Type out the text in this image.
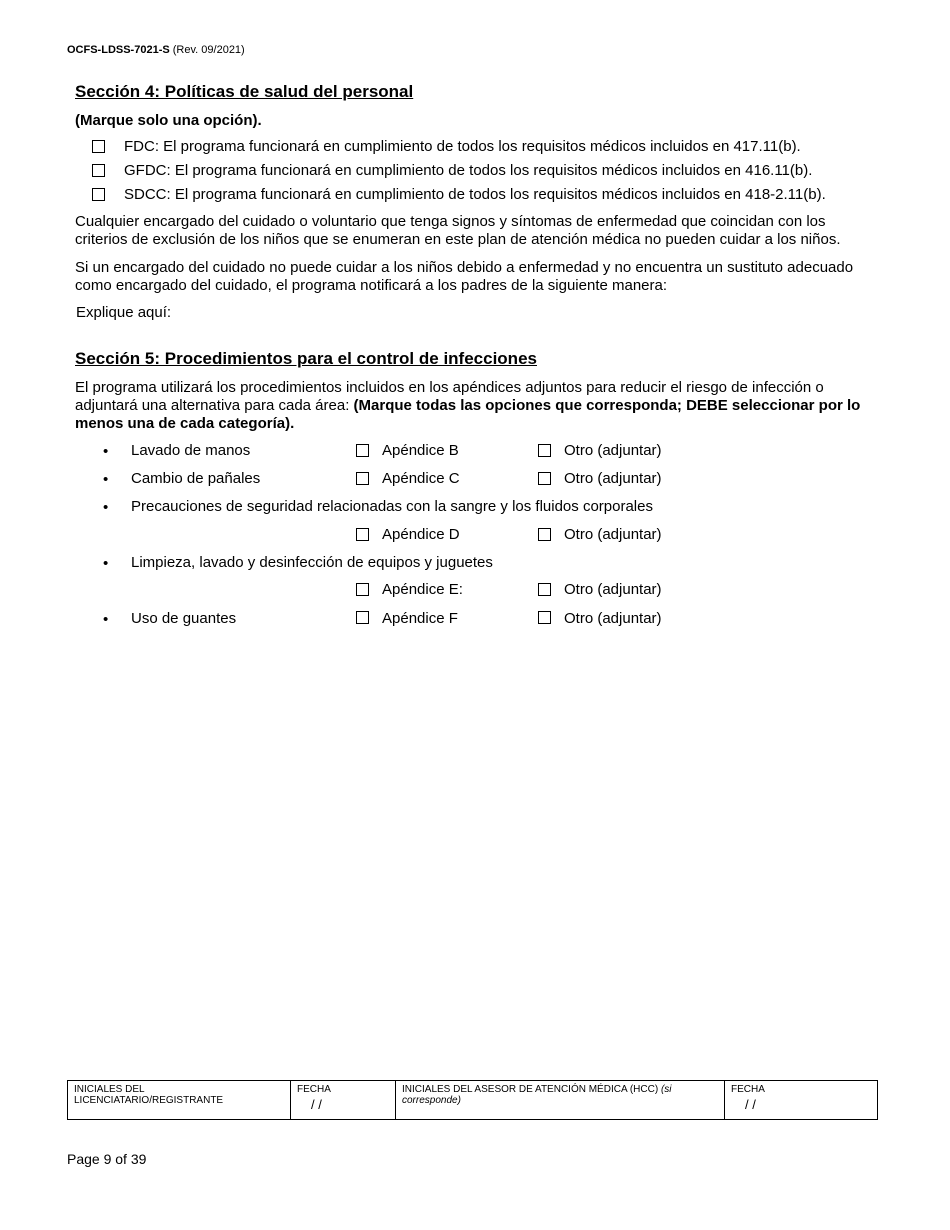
OCFS-LDSS-7021-S (Rev. 09/2021)
Sección 4: Políticas de salud del personal
(Marque solo una opción).
FDC: El programa funcionará en cumplimiento de todos los requisitos médicos incluidos en 417.11(b).
GFDC: El programa funcionará en cumplimiento de todos los requisitos médicos incluidos en 416.11(b).
SDCC: El programa funcionará en cumplimiento de todos los requisitos médicos incluidos en 418-2.11(b).
Cualquier encargado del cuidado o voluntario que tenga signos y síntomas de enfermedad que coincidan con los criterios de exclusión de los niños que se enumeran en este plan de atención médica no pueden cuidar a los niños.
Si un encargado del cuidado no puede cuidar a los niños debido a enfermedad y no encuentra un sustituto adecuado como encargado del cuidado, el programa notificará a los padres de la siguiente manera:
Explique aquí:
Sección 5: Procedimientos para el control de infecciones
El programa utilizará los procedimientos incluidos en los apéndices adjuntos para reducir el riesgo de infección o adjuntará una alternativa para cada área: (Marque todas las opciones que corresponda; DEBE seleccionar por lo menos una de cada categoría).
• Lavado de manos	Apéndice B	Otro (adjuntar)
• Cambio de pañales	Apéndice C	Otro (adjuntar)
• Precauciones de seguridad relacionadas con la sangre y los fluidos corporales
Apéndice D	Otro (adjuntar)
• Limpieza, lavado y desinfección de equipos y juguetes
Apéndice E:	Otro (adjuntar)
• Uso de guantes	Apéndice F	Otro (adjuntar)
INICIALES DEL LICENCIATARIO/REGISTRANTE
FECHA
/ /
INICIALES DEL ASESOR DE ATENCIÓN MÉDICA (HCC) (si corresponde)
FECHA
/ /
Page 9 of 39
